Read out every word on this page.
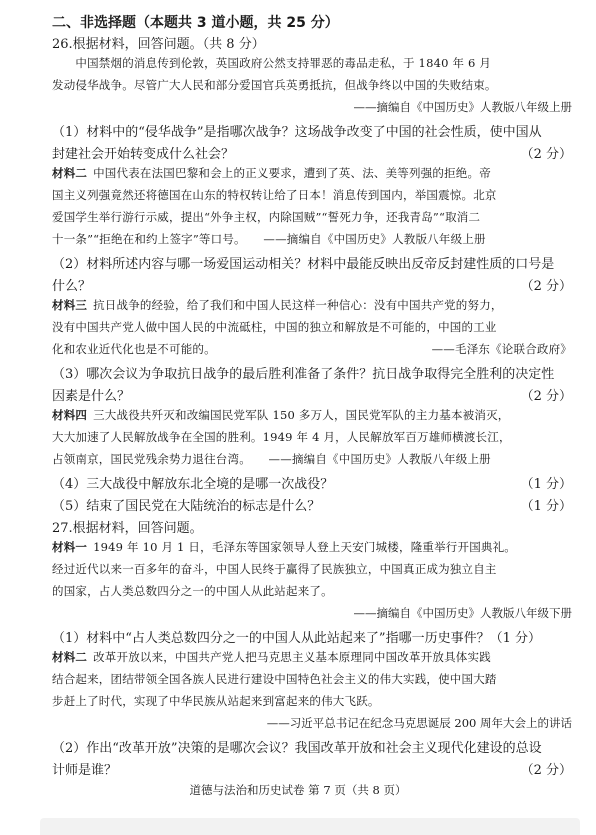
二、非选择题（本题共 3 道小题，共 25 分）
26.根据材料，回答问题。（共 8 分）
　　中国禁烟的消息传到伦敦，英国政府公然支持罪恶的毒品走私，于 1840 年 6 月
发动侵华战争。尽管广大人民和部分爱国官兵英勇抵抗，但战争终以中国的失败结束。
——摘编自《中国历史》人教版八年级上册
（1）材料中的“侵华战争”是指哪次战争？这场战争改变了中国的社会性质，使中国从
封建社会开始转变成什么社会？	（2 分）
材料二 中国代表在法国巴黎和会上的正义要求，遭到了英、法、美等列强的拒绝。帝
国主义列强竟然还将德国在山东的特权转让给了日本！消息传到国内，举国震惊。北京
爱国学生举行游行示威，提出“外争主权，内除国贼”“誓死力争，还我青岛”“取消二
十一条”“拒绝在和约上签字”等口号。　　——摘编自《中国历史》人教版八年级上册
（2）材料所述内容与哪一场爱国运动相关？材料中最能反映出反帝反封建性质的口号是
什么？	（2 分）
材料三 抗日战争的经验，给了我们和中国人民这样一种信心：没有中国共产党的努力，
没有中国共产党人做中国人民的中流砥柱，中国的独立和解放是不可能的，中国的工业
化和农业近代化也是不可能的。	——毛泽东《论联合政府》
（3）哪次会议为争取抗日战争的最后胜利准备了条件？抗日战争取得完全胜利的决定性
因素是什么？	（2 分）
材料四 三大战役共歼灭和改编国民党军队 150 多万人，国民党军队的主力基本被消灭，
大大加速了人民解放战争在全国的胜利。1949 年 4 月，人民解放军百万雄师横渡长江，
占领南京，国民党残余势力退往台湾。　　——摘编自《中国历史》人教版八年级上册
（4）三大战役中解放东北全境的是哪一次战役？	（1 分）
（5）结束了国民党在大陆统治的标志是什么？	（1 分）
27.根据材料，回答问题。
材料一 1949 年 10 月 1 日，毛泽东等国家领导人登上天安门城楼，隆重举行开国典礼。
经过近代以来一百多年的奋斗，中国人民终于赢得了民族独立，中国真正成为独立自主
的国家，占人类总数四分之一的中国人从此站起来了。
——摘编自《中国历史》人教版八年级下册
（1）材料中“占人类总数四分之一的中国人从此站起来了”指哪一历史事件？（1 分）
材料二 改革开放以来，中国共产党人把马克思主义基本原理同中国改革开放具体实践
结合起来，团结带领全国各族人民进行建设中国特色社会主义的伟大实践，使中国大踏
步赶上了时代，实现了中华民族从站起来到富起来的伟大飞跃。
——习近平总书记在纪念马克思诞辰 200 周年大会上的讲话
（2）作出“改革开放”决策的是哪次会议？我国改革开放和社会主义现代化建设的总设
计师是谁？	（2 分）
道德与法治和历史试卷 第 7 页（共 8 页）
